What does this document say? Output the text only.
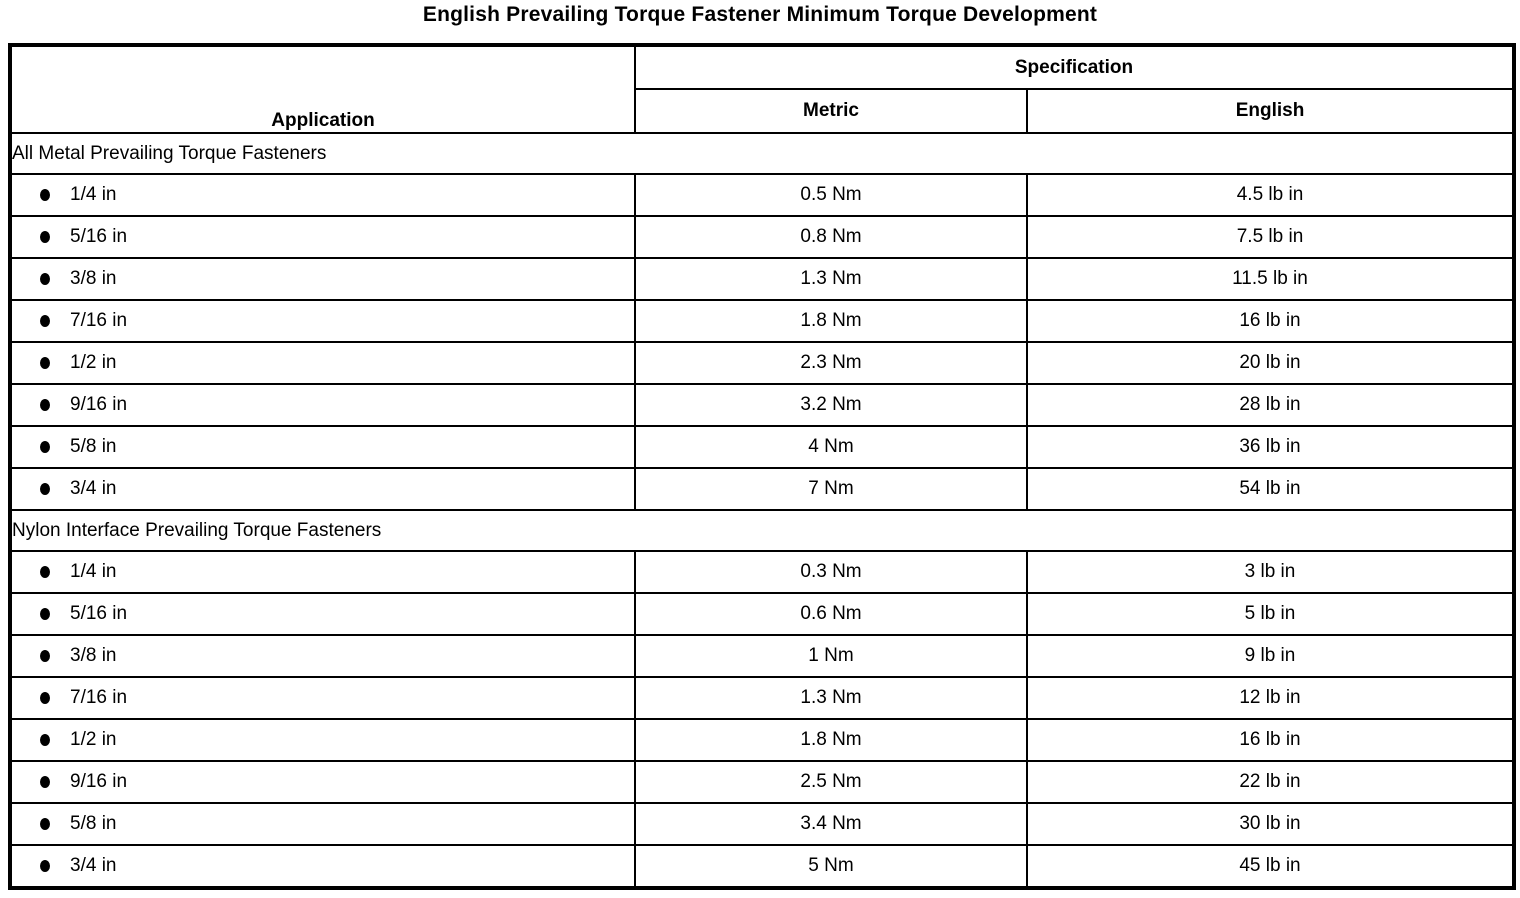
English Prevailing Torque Fastener Minimum Torque Development
Application	Specification	
	Metric	English
All Metal Prevailing Torque Fasteners		
1/4 in	0.5 Nm	4.5 lb in
5/16 in	0.8 Nm	7.5 lb in
3/8 in	1.3 Nm	11.5 lb in
7/16 in	1.8 Nm	16 lb in
1/2 in	2.3 Nm	20 lb in
9/16 in	3.2 Nm	28 lb in
5/8 in	4 Nm	36 lb in
3/4 in	7 Nm	54 lb in
Nylon Interface Prevailing Torque Fasteners		
1/4 in	0.3 Nm	3 lb in
5/16 in	0.6 Nm	5 lb in
3/8 in	1 Nm	9 lb in
7/16 in	1.3 Nm	12 lb in
1/2 in	1.8 Nm	16 lb in
9/16 in	2.5 Nm	22 lb in
5/8 in	3.4 Nm	30 lb in
3/4 in	5 Nm	45 lb in
